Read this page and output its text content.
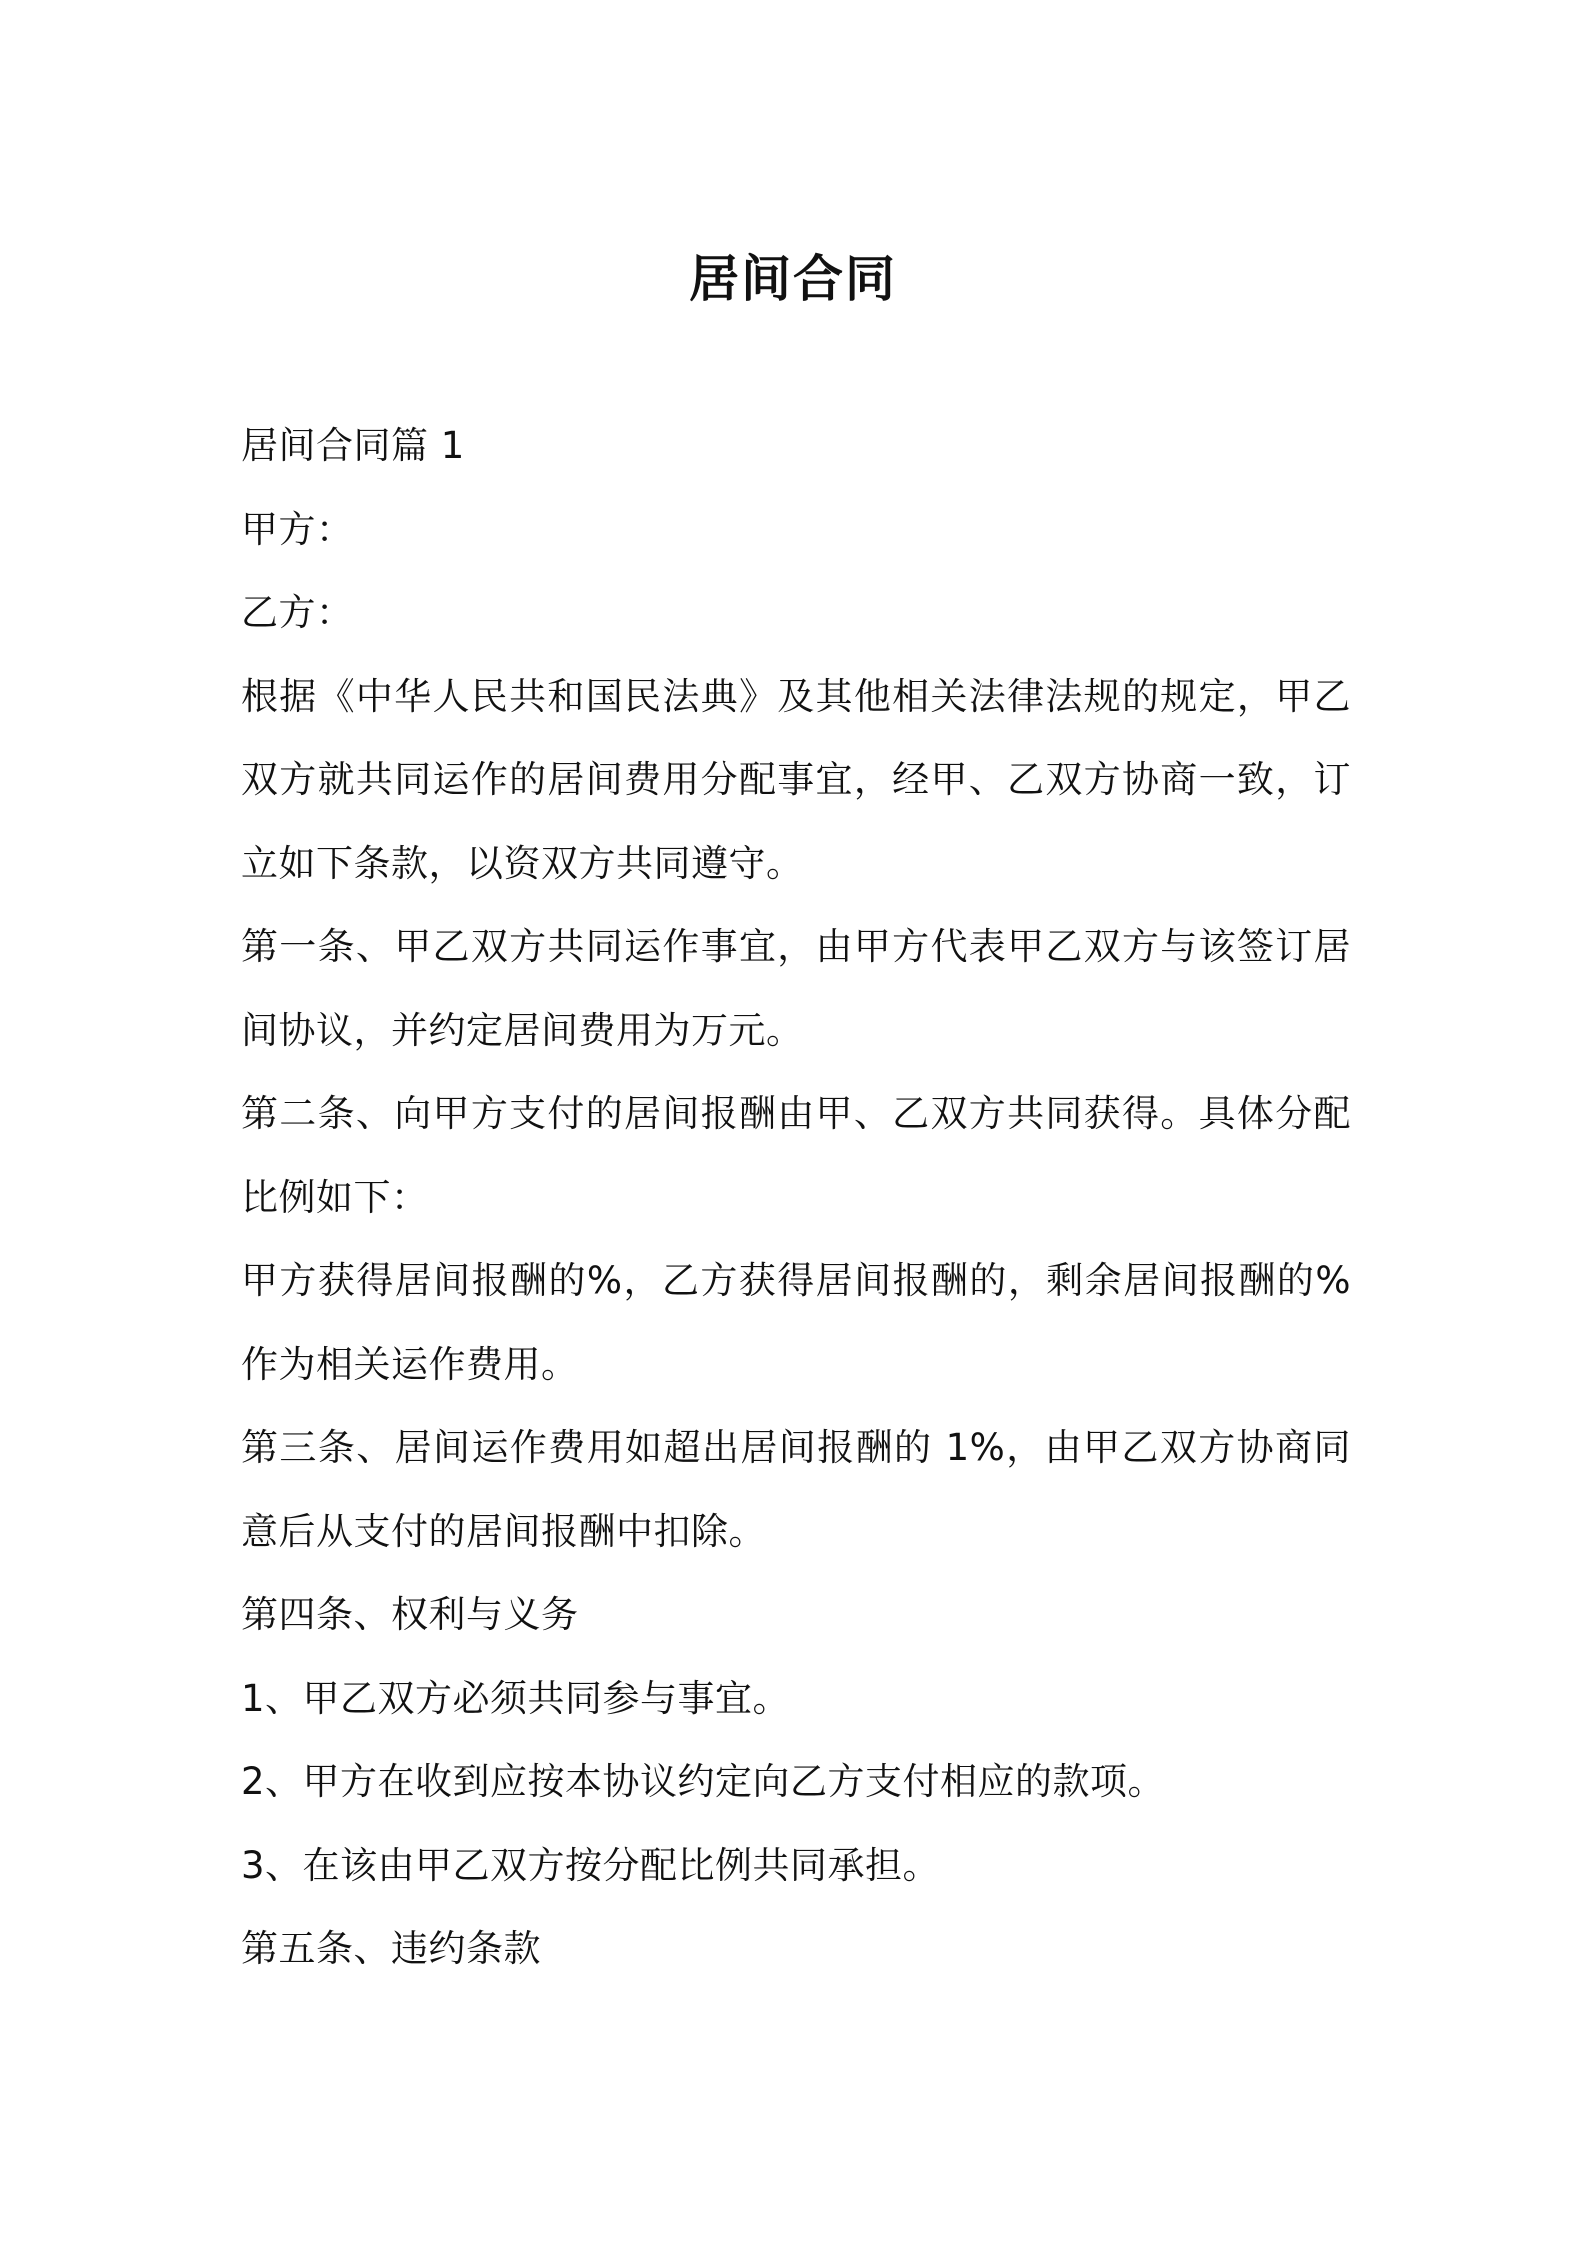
居间合同

居间合同篇 1

甲方：

乙方：

根据《中华人民共和国民法典》及其他相关法律法规的规定，甲乙双方就共同运作的居间费用分配事宜，经甲、乙双方协商一致，订立如下条款，以资双方共同遵守。

第一条、甲乙双方共同运作事宜，由甲方代表甲乙双方与该签订居间协议，并约定居间费用为万元。

第二条、向甲方支付的居间报酬由甲、乙双方共同获得。具体分配比例如下：

甲方获得居间报酬的%，乙方获得居间报酬的，剩余居间报酬的%作为相关运作费用。

第三条、居间运作费用如超出居间报酬的 1%，由甲乙双方协商同意后从支付的居间报酬中扣除。

第四条、权利与义务

1、甲乙双方必须共同参与事宜。

2、甲方在收到应按本协议约定向乙方支付相应的款项。

3、在该由甲乙双方按分配比例共同承担。

第五条、违约条款
